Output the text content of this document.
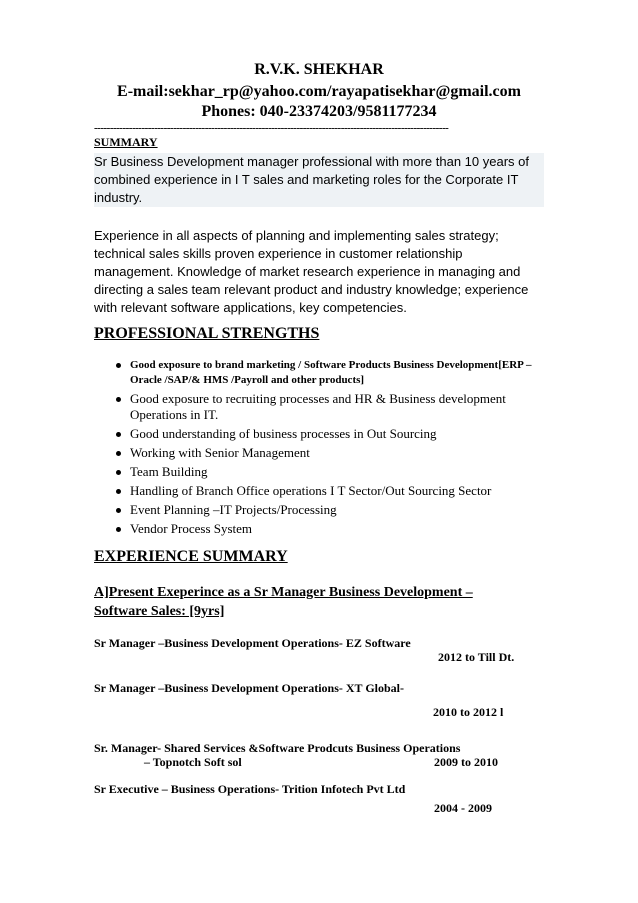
R.V.K. SHEKHAR
E-mail:sekhar_rp@yahoo.com/rayapatisekhar@gmail.com
Phones: 040-23374203/9581177234
----------------------------------------------------------------------------------------------------------------
SUMMARY
Sr Business Development manager professional with more than 10 years of combined experience in I T sales and marketing roles for the Corporate IT industry.
Experience in all aspects of planning and implementing sales strategy; technical sales skills proven experience in customer relationship management. Knowledge of market research experience in managing and directing a sales team relevant product and industry knowledge; experience with relevant software applications, key competencies.
PROFESSIONAL STRENGTHS
Good exposure to brand marketing / Software Products Business Development[ERP –Oracle /SAP/& HMS /Payroll and other products]
Good exposure to recruiting processes and HR & Business development Operations in IT.
Good understanding of business processes in Out Sourcing
Working with Senior Management
Team Building
Handling of Branch Office operations I T Sector/Out Sourcing Sector
Event Planning –IT Projects/Processing
Vendor Process System
EXPERIENCE SUMMARY
A]Present Exeperince as a Sr Manager Business Development – Software Sales: [9yrs]
Sr Manager –Business Development Operations- EZ Software
2012 to Till Dt.
Sr Manager –Business Development Operations- XT Global-
2010 to 2012 l
Sr. Manager- Shared Services &Software Prodcuts Business Operations
– Topnotch Soft sol	2009 to 2010
Sr Executive – Business Operations- Trition Infotech Pvt Ltd
2004 - 2009
